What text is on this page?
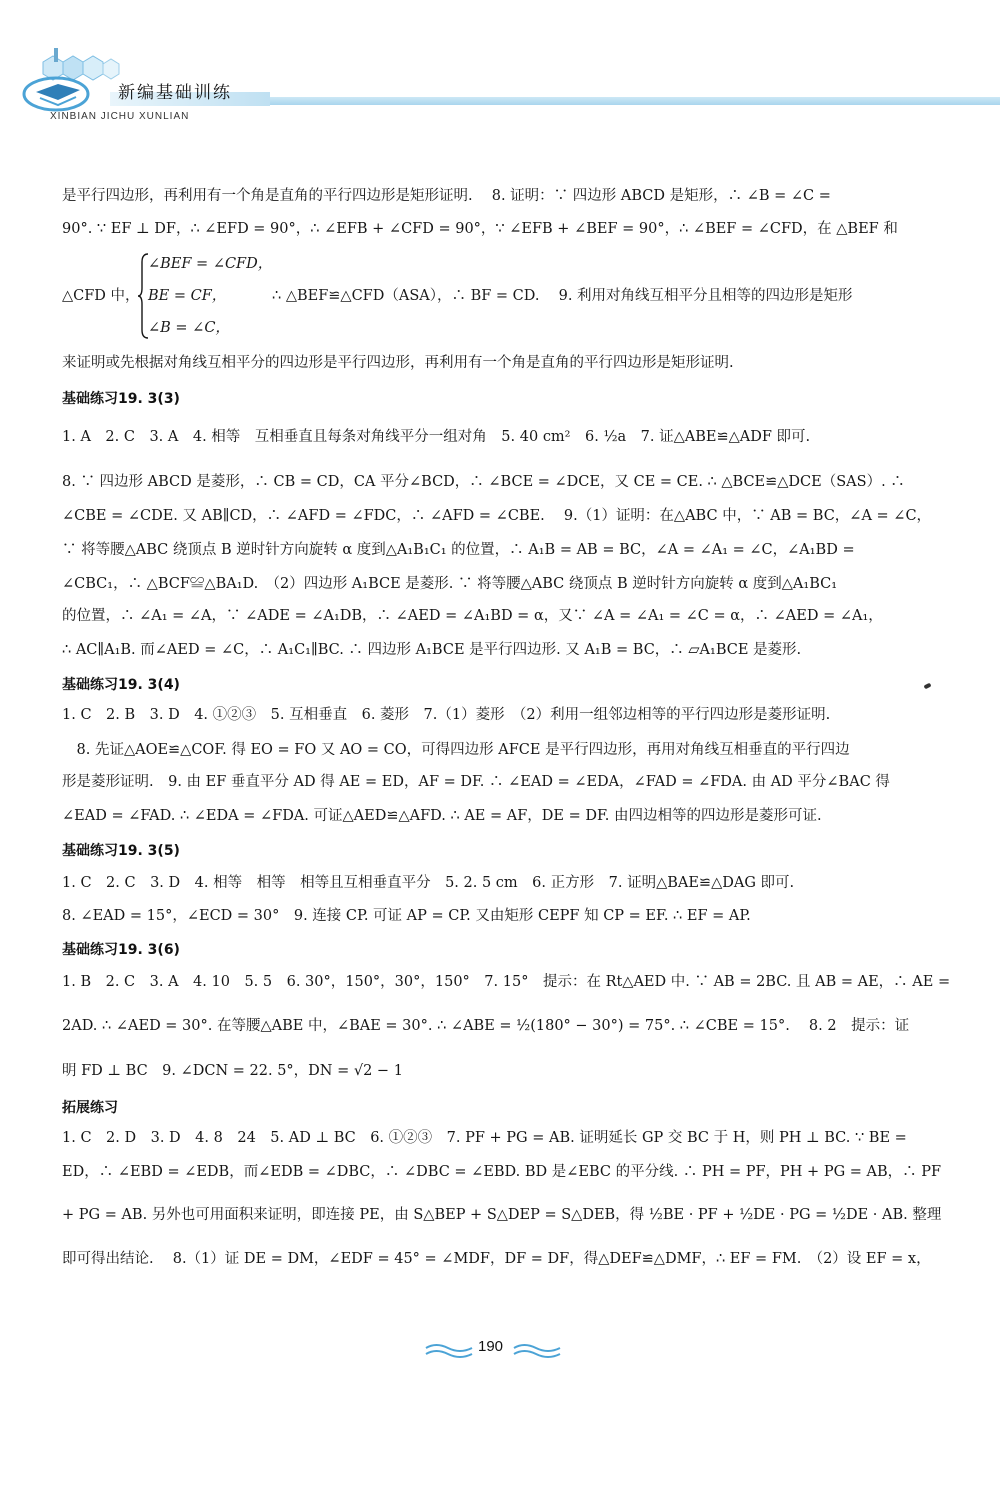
新编基础训练
XINBIAN JICHU XUNLIAN
是平行四边形，再利用有一个角是直角的平行四边形是矩形证明.　 8. 证明：∵ 四边形 ABCD 是矩形，∴ ∠B = ∠C =
90°. ∵ EF ⊥ DF，∴ ∠EFD = 90°，∴ ∠EFB + ∠CFD = 90°，∵ ∠EFB + ∠BEF = 90°，∴ ∠BEF = ∠CFD，在 △BEF 和
△CFD 中，
∠BEF = ∠CFD，
BE = CF，
∠B = ∠C，
∴ △BEF≌△CFD（ASA），∴ BF = CD.　 9. 利用对角线互相平分且相等的四边形是矩形
来证明或先根据对角线互相平分的四边形是平行四边形，再利用有一个角是直角的平行四边形是矩形证明.
基础练习19. 3(3)
1. A　2. C　3. A　4. 相等　互相垂直且每条对角线平分一组对角　5. 40 cm²　6. ½a　7. 证△ABE≌△ADF 即可.
8. ∵ 四边形 ABCD 是菱形，∴ CB = CD，CA 平分∠BCD，∴ ∠BCE = ∠DCE，又 CE = CE. ∴ △BCE≌△DCE（SAS）. ∴
∠CBE = ∠CDE. 又 AB∥CD，∴ ∠AFD = ∠FDC，∴ ∠AFD = ∠CBE.　 9.（1）证明：在△ABC 中，∵ AB = BC，∠A = ∠C，
∵ 将等腰△ABC 绕顶点 B 逆时针方向旋转 α 度到△A₁B₁C₁ 的位置，∴ A₁B = AB = BC，∠A = ∠A₁ = ∠C，∠A₁BD =
∠CBC₁，∴ △BCF≌△BA₁D.　（2）四边形 A₁BCE 是菱形. ∵ 将等腰△ABC 绕顶点 B 逆时针方向旋转 α 度到△A₁BC₁
的位置，∴ ∠A₁ = ∠A，∵ ∠ADE = ∠A₁DB，∴ ∠AED = ∠A₁BD = α，又∵ ∠A = ∠A₁ = ∠C = α，∴ ∠AED = ∠A₁，
∴ AC∥A₁B. 而∠AED = ∠C，∴ A₁C₁∥BC. ∴ 四边形 A₁BCE 是平行四边形. 又 A₁B = BC，∴ ▱A₁BCE 是菱形.
基础练习19. 3(4)
1. C　2. B　3. D　4. ①②③　5. 互相垂直　6. 菱形　7.（1）菱形　（2）利用一组邻边相等的平行四边形是菱形证明.
　8. 先证△AOE≌△COF. 得 EO = FO 又 AO = CO，可得四边形 AFCE 是平行四边形，再用对角线互相垂直的平行四边
形是菱形证明.　9. 由 EF 垂直平分 AD 得 AE = ED，AF = DF. ∴ ∠EAD = ∠EDA，∠FAD = ∠FDA. 由 AD 平分∠BAC 得
∠EAD = ∠FAD. ∴ ∠EDA = ∠FDA. 可证△AED≌△AFD. ∴ AE = AF，DE = DF. 由四边相等的四边形是菱形可证.
基础练习19. 3(5)
1. C　2. C　3. D　4. 相等　相等　相等且互相垂直平分　5. 2. 5 cm　6. 正方形　7. 证明△BAE≌△DAG 即可.
8. ∠EAD = 15°，∠ECD = 30°　9. 连接 CP. 可证 AP = CP. 又由矩形 CEPF 知 CP = EF. ∴ EF = AP.
基础练习19. 3(6)
1. B　2. C　3. A　4. 10　5. 5　6. 30°，150°，30°，150°　7. 15°　提示：在 Rt△AED 中. ∵ AB = 2BC. 且 AB = AE，∴ AE =
2AD. ∴ ∠AED = 30°. 在等腰△ABE 中，∠BAE = 30°. ∴ ∠ABE = ½(180° − 30°) = 75°. ∴ ∠CBE = 15°.　 8. 2　提示：证
明 FD ⊥ BC　9. ∠DCN = 22. 5°，DN = √2 − 1
拓展练习
1. C　2. D　3. D　4. 8　24　5. AD ⊥ BC　6. ①②③　7. PF + PG = AB. 证明延长 GP 交 BC 于 H，则 PH ⊥ BC. ∵ BE =
ED，∴ ∠EBD = ∠EDB，而∠EDB = ∠DBC，∴ ∠DBC = ∠EBD. BD 是∠EBC 的平分线. ∴ PH = PF，PH + PG = AB，∴ PF
+ PG = AB. 另外也可用面积来证明，即连接 PE，由 S△BEP + S△DEP = S△DEB，得 ½BE · PF + ½DE · PG = ½DE · AB. 整理
即可得出结论.　 8.（1）证 DE = DM，∠EDF = 45° = ∠MDF，DF = DF，得△DEF≌△DMF，∴ EF = FM.　（2）设 EF = x，
190
